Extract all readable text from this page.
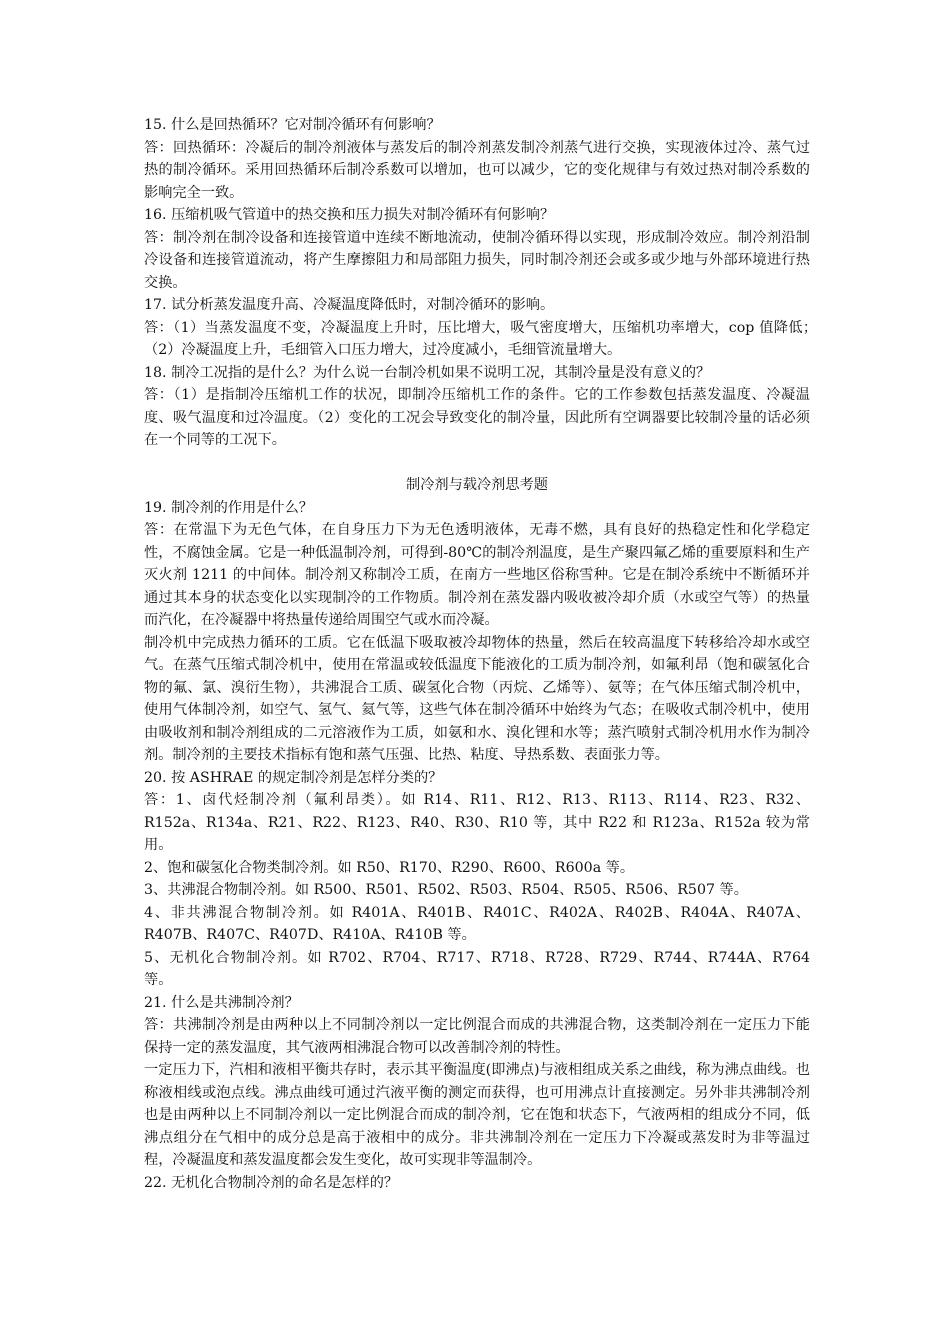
15. 什么是回热循环？它对制冷循环有何影响？

答：回热循环：冷凝后的制冷剂液体与蒸发后的制冷剂蒸发制冷剂蒸气进行交换，实现液体过冷、蒸气过热的制冷循环。采用回热循环后制冷系数可以增加，也可以减少，它的变化规律与有效过热对制冷系数的影响完全一致。

16. 压缩机吸气管道中的热交换和压力损失对制冷循环有何影响？

答：制冷剂在制冷设备和连接管道中连续不断地流动，使制冷循环得以实现，形成制冷效应。制冷剂沿制冷设备和连接管道流动，将产生摩擦阻力和局部阻力损失，同时制冷剂还会或多或少地与外部环境进行热交换。

17. 试分析蒸发温度升高、冷凝温度降低时，对制冷循环的影响。

答：（1）当蒸发温度不变，冷凝温度上升时，压比增大，吸气密度增大，压缩机功率增大，cop 值降低；　（2）冷凝温度上升，毛细管入口压力增大，过冷度减小，毛细管流量增大。

18. 制冷工况指的是什么？为什么说一台制冷机如果不说明工况，其制冷量是没有意义的？

答：（1）是指制冷压缩机工作的状况，即制冷压缩机工作的条件。它的工作参数包括蒸发温度、冷凝温度、吸气温度和过冷温度。（2）变化的工况会导致变化的制冷量，因此所有空调器要比较制冷量的话必须在一个同等的工况下。

制冷剂与载冷剂思考题

19. 制冷剂的作用是什么？

答：在常温下为无色气体，在自身压力下为无色透明液体，无毒不燃，具有良好的热稳定性和化学稳定性，不腐蚀金属。它是一种低温制冷剂，可得到-80℃的制冷剂温度，是生产聚四氟乙烯的重要原料和生产灭火剂 1211 的中间体。制冷剂又称制冷工质，在南方一些地区俗称雪种。它是在制冷系统中不断循环并通过其本身的状态变化以实现制冷的工作物质。制冷剂在蒸发器内吸收被冷却介质（水或空气等）的热量而汽化，在冷凝器中将热量传递给周围空气或水而冷凝。

制冷机中完成热力循环的工质。它在低温下吸取被冷却物体的热量，然后在较高温度下转移给冷却水或空气。在蒸气压缩式制冷机中，使用在常温或较低温度下能液化的工质为制冷剂，如氟利昂（饱和碳氢化合物的氟、氯、溴衍生物），共沸混合工质、碳氢化合物（丙烷、乙烯等）、氨等；在气体压缩式制冷机中，使用气体制冷剂，如空气、氢气、氦气等，这些气体在制冷循环中始终为气态；在吸收式制冷机中，使用由吸收剂和制冷剂组成的二元溶液作为工质，如氨和水、溴化锂和水等；蒸汽喷射式制冷机用水作为制冷剂。制冷剂的主要技术指标有饱和蒸气压强、比热、粘度、导热系数、表面张力等。

20. 按 ASHRAE 的规定制冷剂是怎样分类的？

答：1、卤代烃制冷剂（氟利昂类）。如 R14、R11、R12、R13、R113、R114、R23、R32、R152a、R134a、R21、R22、R123、R40、R30、R10 等，其中 R22 和 R123a、R152a 较为常用。

2、饱和碳氢化合物类制冷剂。如 R50、R170、R290、R600、R600a 等。

3、共沸混合物制冷剂。如 R500、R501、R502、R503、R504、R505、R506、R507 等。

4、非共沸混合物制冷剂。如 R401A、R401B、R401C、R402A、R402B、R404A、R407A、R407B、R407C、R407D、R410A、R410B 等。

5、无机化合物制冷剂。如 R702、R704、R717、R718、R728、R729、R744、R744A、R764 等。

21. 什么是共沸制冷剂？

答：共沸制冷剂是由两种以上不同制冷剂以一定比例混合而成的共沸混合物，这类制冷剂在一定压力下能保持一定的蒸发温度，其气液两相沸混合物可以改善制冷剂的特性。

一定压力下，汽相和液相平衡共存时，表示其平衡温度(即沸点)与液相组成关系之曲线，称为沸点曲线。也称液相线或泡点线。沸点曲线可通过汽液平衡的测定而获得，也可用沸点计直接测定。另外非共沸制冷剂也是由两种以上不同制冷剂以一定比例混合而成的制冷剂，它在饱和状态下，气液两相的组成分不同，低沸点组分在气相中的成分总是高于液相中的成分。非共沸制冷剂在一定压力下冷凝或蒸发时为非等温过程，冷凝温度和蒸发温度都会发生变化，故可实现非等温制冷。

22. 无机化合物制冷剂的命名是怎样的？
